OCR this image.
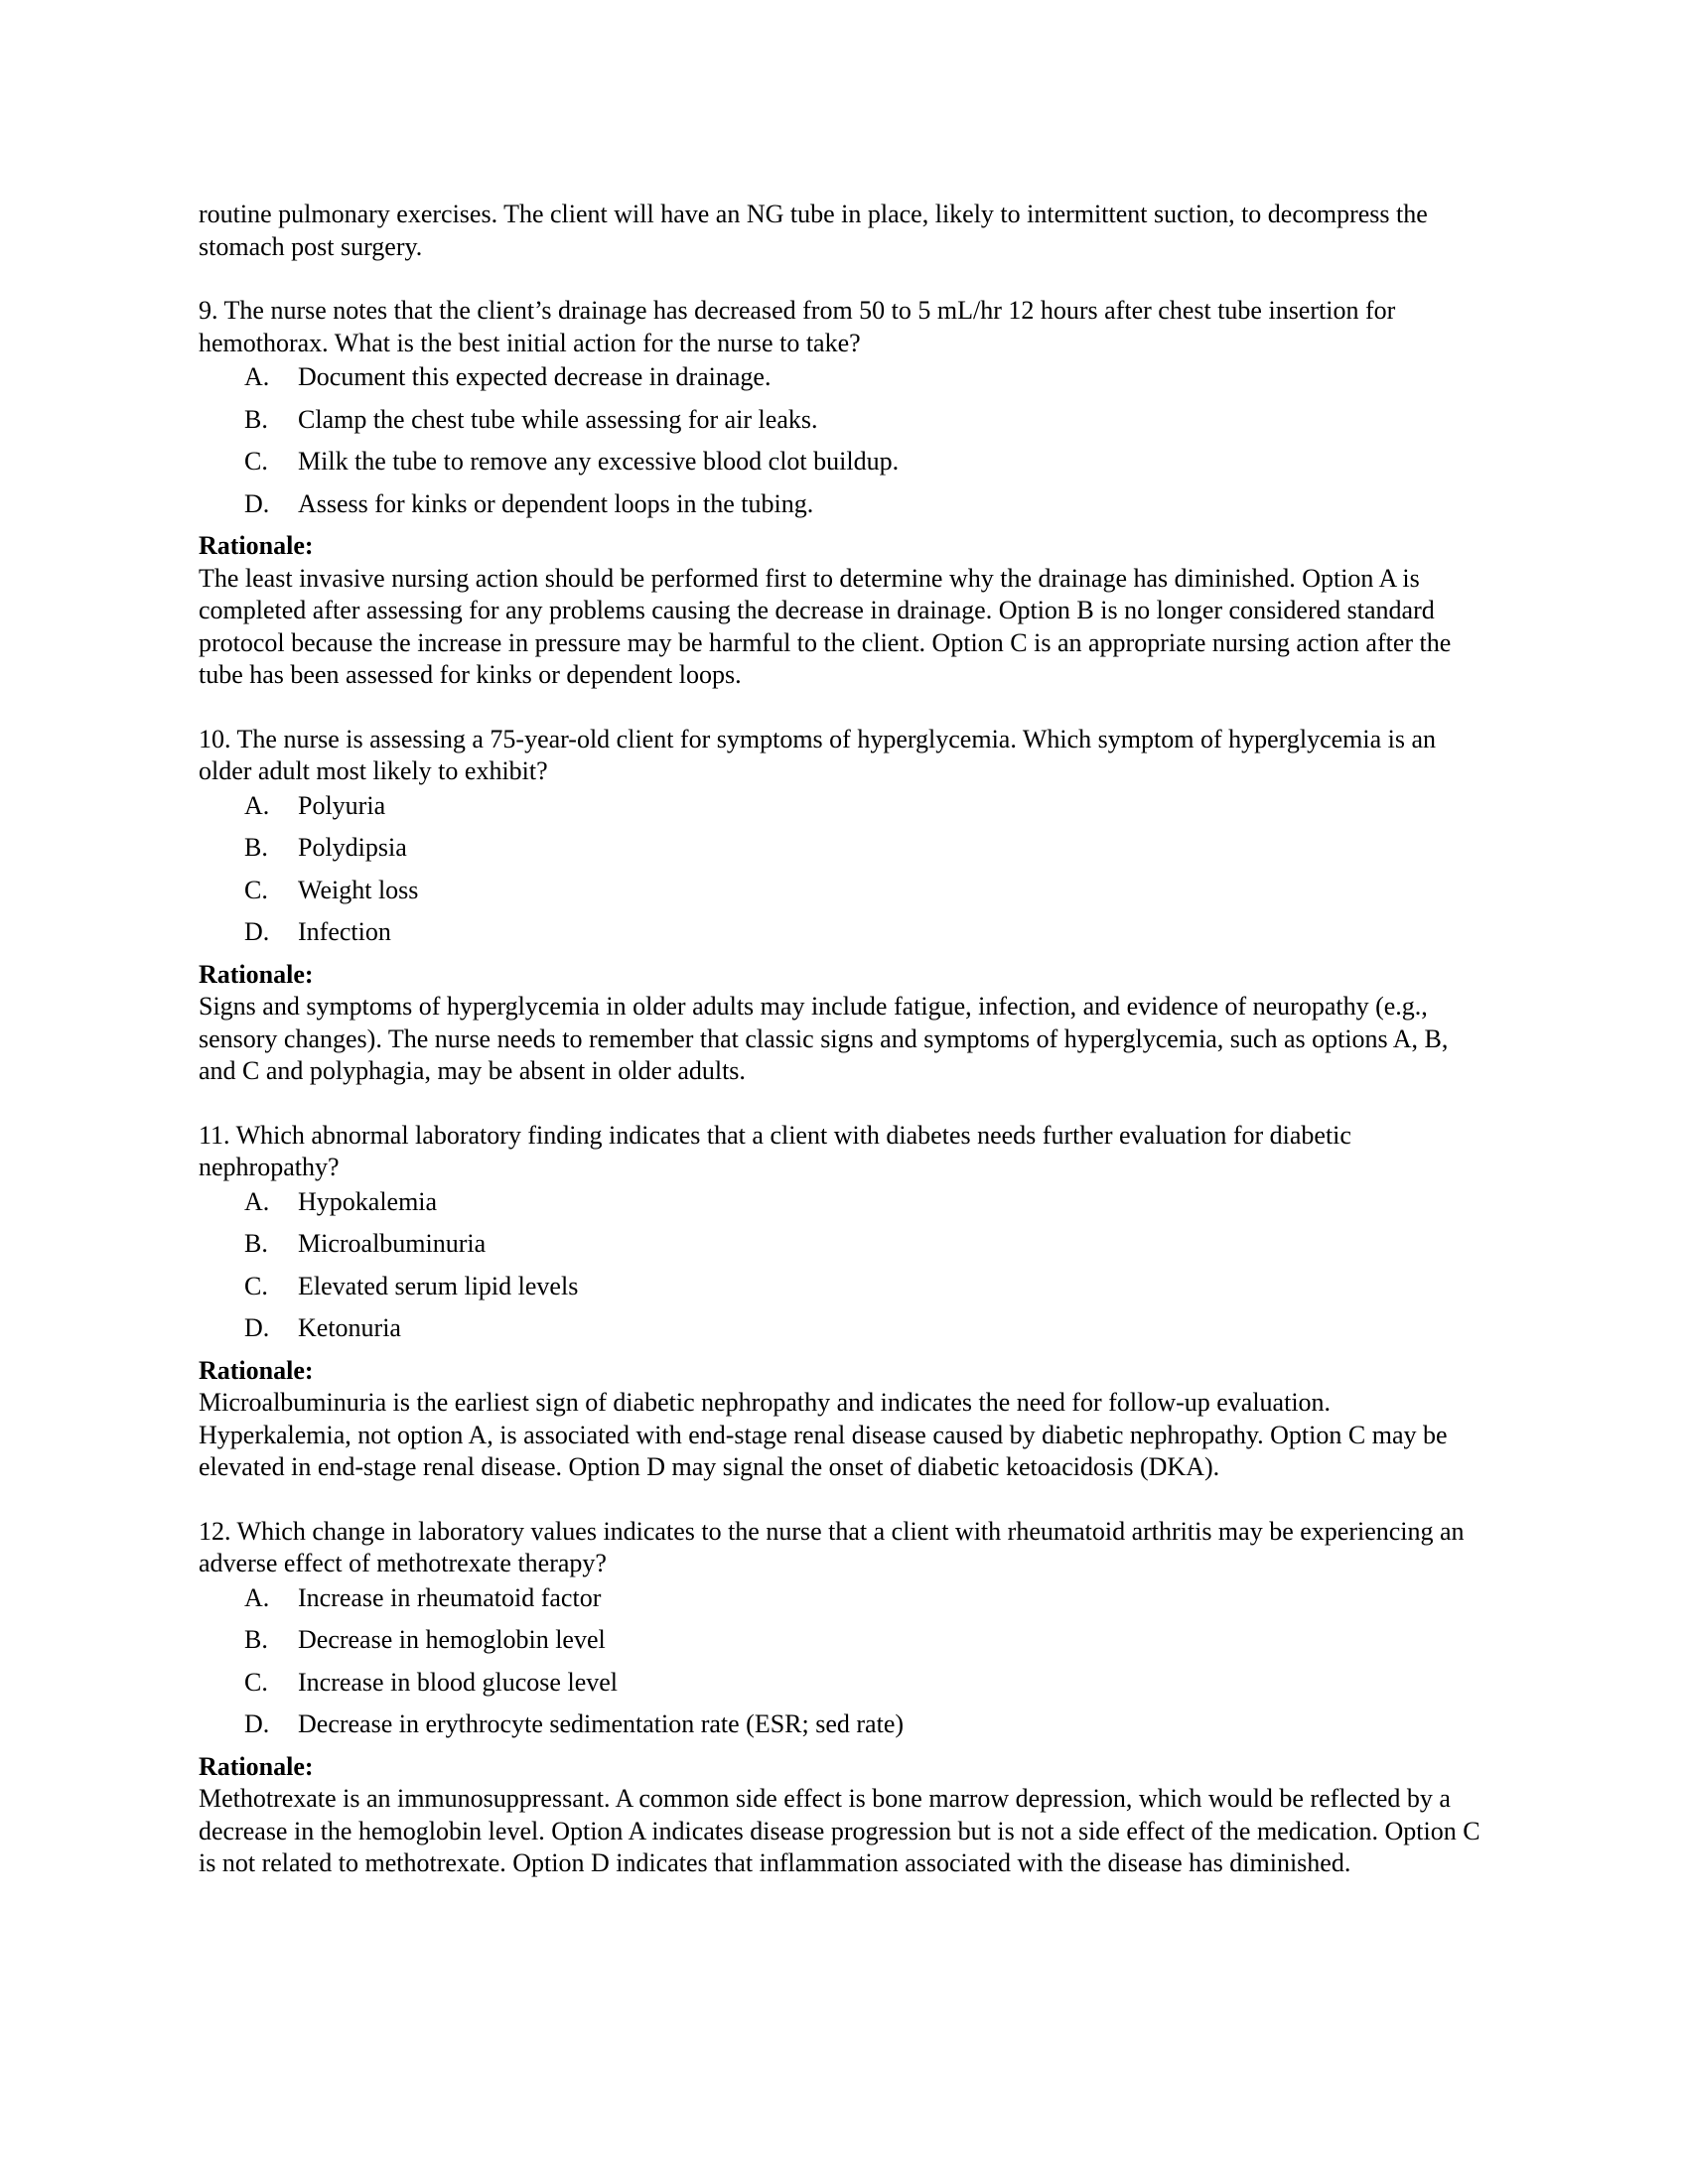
routine pulmonary exercises. The client will have an NG tube in place, likely to intermittent suction, to decompress the stomach post surgery.

9. The nurse notes that the client’s drainage has decreased from 50 to 5 mL/hr 12 hours after chest tube insertion for hemothorax. What is the best initial action for the nurse to take?

A. Document this expected decrease in drainage.
B. Clamp the chest tube while assessing for air leaks.
C. Milk the tube to remove any excessive blood clot buildup.
D. Assess for kinks or dependent loops in the tubing.

Rationale:

The least invasive nursing action should be performed first to determine why the drainage has diminished. Option A is completed after assessing for any problems causing the decrease in drainage. Option B is no longer considered standard protocol because the increase in pressure may be harmful to the client. Option C is an appropriate nursing action after the tube has been assessed for kinks or dependent loops.

10. The nurse is assessing a 75-year-old client for symptoms of hyperglycemia. Which symptom of hyperglycemia is an older adult most likely to exhibit?

A. Polyuria
B. Polydipsia
C. Weight loss
D. Infection

Rationale:

Signs and symptoms of hyperglycemia in older adults may include fatigue, infection, and evidence of neuropathy (e.g., sensory changes). The nurse needs to remember that classic signs and symptoms of hyperglycemia, such as options A, B, and C and polyphagia, may be absent in older adults.

11. Which abnormal laboratory finding indicates that a client with diabetes needs further evaluation for diabetic nephropathy?

A. Hypokalemia
B. Microalbuminuria
C. Elevated serum lipid levels
D. Ketonuria

Rationale:

Microalbuminuria is the earliest sign of diabetic nephropathy and indicates the need for follow-up evaluation. Hyperkalemia, not option A, is associated with end-stage renal disease caused by diabetic nephropathy. Option C may be elevated in end-stage renal disease. Option D may signal the onset of diabetic ketoacidosis (DKA).

12. Which change in laboratory values indicates to the nurse that a client with rheumatoid arthritis may be experiencing an adverse effect of methotrexate therapy?

A. Increase in rheumatoid factor
B. Decrease in hemoglobin level
C. Increase in blood glucose level
D. Decrease in erythrocyte sedimentation rate (ESR; sed rate)

Rationale:

Methotrexate is an immunosuppressant. A common side effect is bone marrow depression, which would be reflected by a decrease in the hemoglobin level. Option A indicates disease progression but is not a side effect of the medication. Option C is not related to methotrexate. Option D indicates that inflammation associated with the disease has diminished.
